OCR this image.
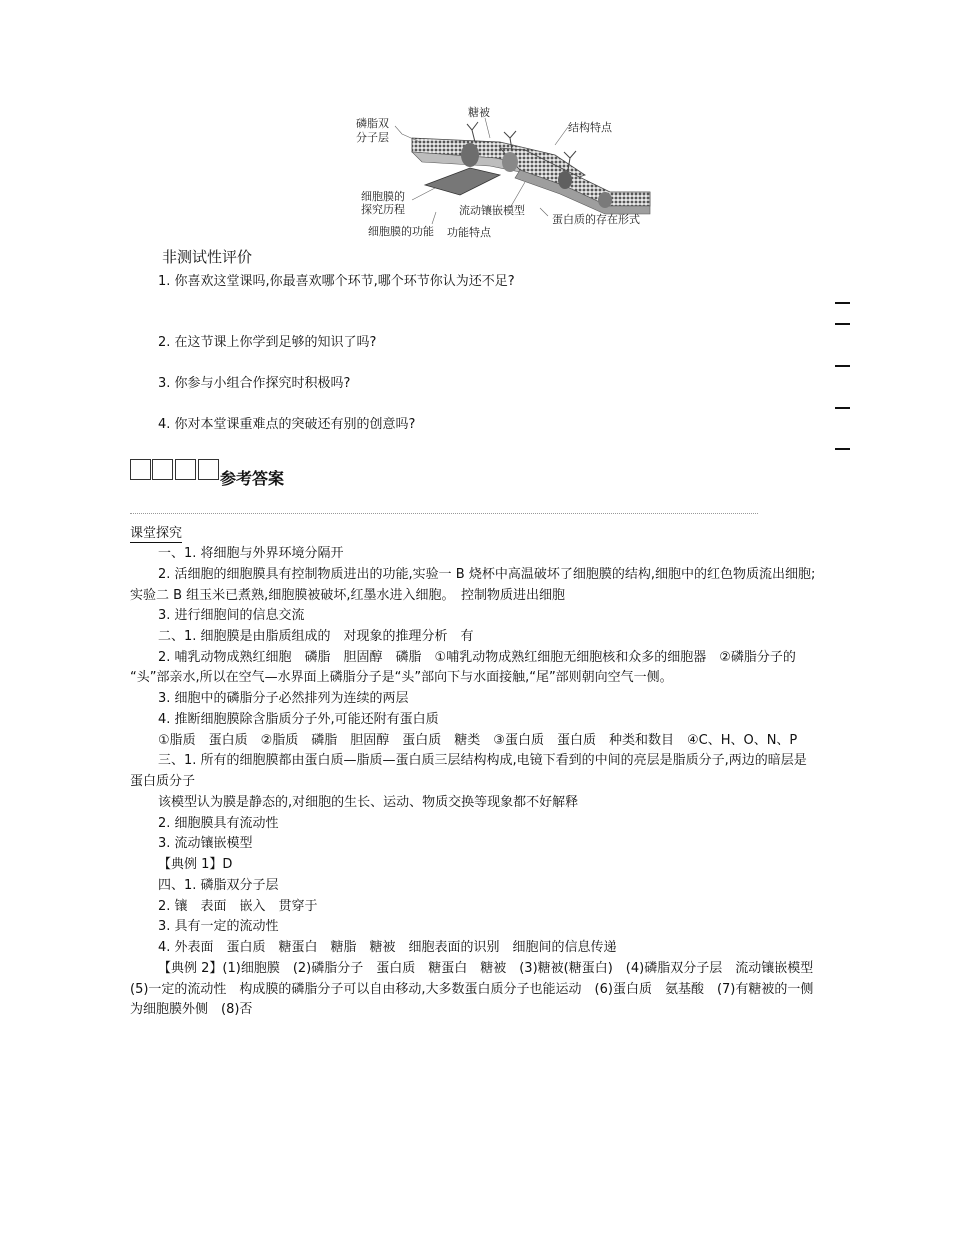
糖被
磷脂双
分子层
结构特点
细胞膜的
探究历程	流动镶嵌模型
蛋白质的存在形式
细胞膜的功能 功能特点
非测试性评价
1. 你喜欢这堂课吗,你最喜欢哪个环节,哪个环节你认为还不足?
2. 在这节课上你学到足够的知识了吗?
3. 你参与小组合作探究时积极吗?
4. 你对本堂课重难点的突破还有别的创意吗?
参考答案
课堂探究
一、1. 将细胞与外界环境分隔开
2. 活细胞的细胞膜具有控制物质进出的功能,实验一 B 烧杯中高温破坏了细胞膜的结构,细胞中的红色物质流出细胞;
实验二 B 组玉米已煮熟,细胞膜被破坏,红墨水进入细胞。　控制物质进出细胞
3. 进行细胞间的信息交流
二、1. 细胞膜是由脂质组成的　对现象的推理分析　有
2. 哺乳动物成熟红细胞　磷脂　胆固醇　磷脂　①哺乳动物成熟红细胞无细胞核和众多的细胞器　②磷脂分子的
“头”部亲水,所以在空气—水界面上磷脂分子是“头”部向下与水面接触,“尾”部则朝向空气一侧。
3. 细胞中的磷脂分子必然排列为连续的两层
4. 推断细胞膜除含脂质分子外,可能还附有蛋白质
①脂质　蛋白质　②脂质　磷脂　胆固醇　蛋白质　糖类　③蛋白质　蛋白质　种类和数目　④C、H、O、N、P
三、1. 所有的细胞膜都由蛋白质—脂质—蛋白质三层结构构成,电镜下看到的中间的亮层是脂质分子,两边的暗层是
蛋白质分子
该模型认为膜是静态的,对细胞的生长、运动、物质交换等现象都不好解释
2. 细胞膜具有流动性
3. 流动镶嵌模型
【典例 1】D
四、1. 磷脂双分子层
2. 镶　表面　嵌入　贯穿于
3. 具有一定的流动性
4. 外表面　蛋白质　糖蛋白　糖脂　糖被　细胞表面的识别　细胞间的信息传递
【典例 2】(1)细胞膜　(2)磷脂分子　蛋白质　糖蛋白　糖被　(3)糖被(糖蛋白)　(4)磷脂双分子层　流动镶嵌模型
(5)一定的流动性　构成膜的磷脂分子可以自由移动,大多数蛋白质分子也能运动　(6)蛋白质　氨基酸　(7)有糖被的一侧
为细胞膜外侧　(8)否
